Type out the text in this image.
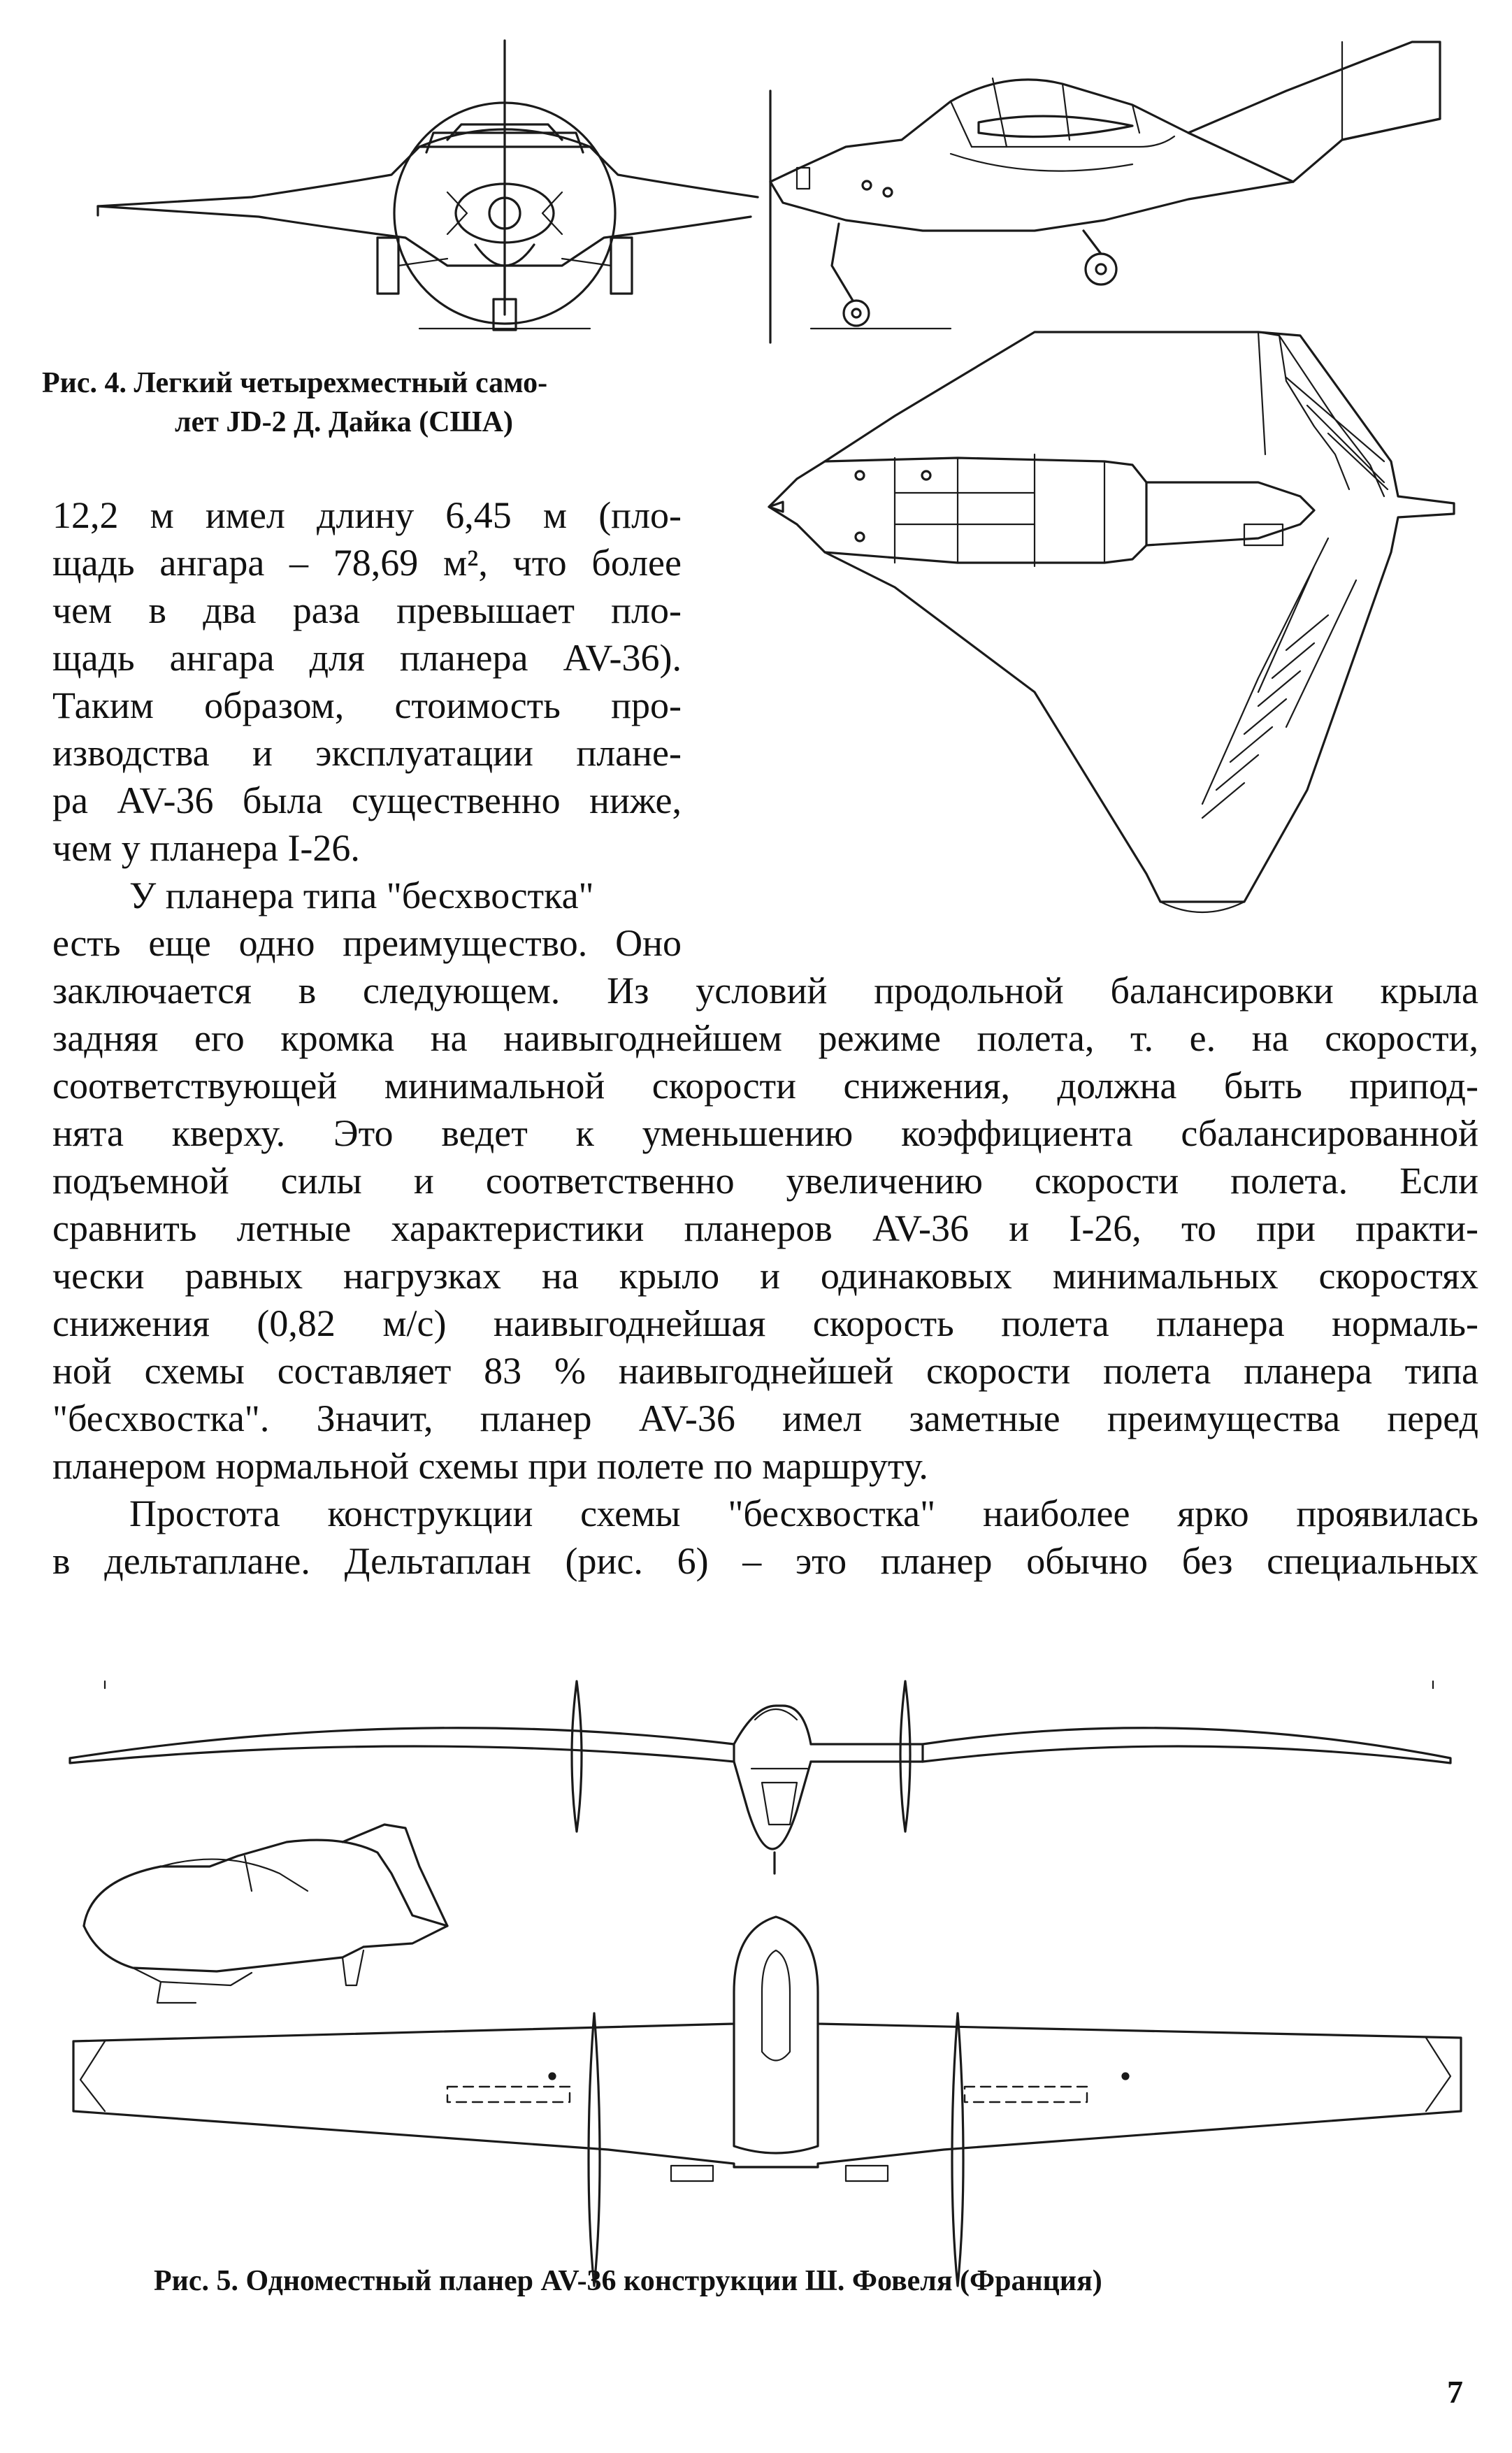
Рис. 4. Легкий четырехместный само-
лет JD-2 Д. Дайка (США)
12,2 м имел длину 6,45 м (пло-
щадь ангара – 78,69 м², что более
чем в два раза превышает пло-
щадь ангара для планера AV-36).
Таким образом, стоимость про-
изводства и эксплуатации плане-
ра AV-36 была существенно ниже,
чем у планера I-26.
У планера типа "бесхвостка"
есть еще одно преимущество. Оно
заключается в следующем. Из условий продольной балансировки крыла
задняя его кромка на наивыгоднейшем режиме полета, т. е. на скорости,
соответствующей минимальной скорости снижения, должна быть припод-
нята кверху. Это ведет к уменьшению коэффициента сбалансированной
подъемной силы и соответственно увеличению скорости полета. Если
сравнить летные характеристики планеров AV-36 и I-26, то при практи-
чески равных нагрузках на крыло и одинаковых минимальных скоростях
снижения (0,82 м/с) наивыгоднейшая скорость полета планера нормаль-
ной схемы составляет 83 % наивыгоднейшей скорости полета планера типа
"бесхвостка". Значит, планер AV-36 имел заметные преимущества перед
планером нормальной схемы при полете по маршруту.
Простота конструкции схемы "бесхвостка" наиболее ярко проявилась
в дельтаплане. Дельтаплан (рис. 6) – это планер обычно без специальных
Рис. 5. Одноместный планер AV-36 конструкции Ш. Фовеля (Франция)
7
